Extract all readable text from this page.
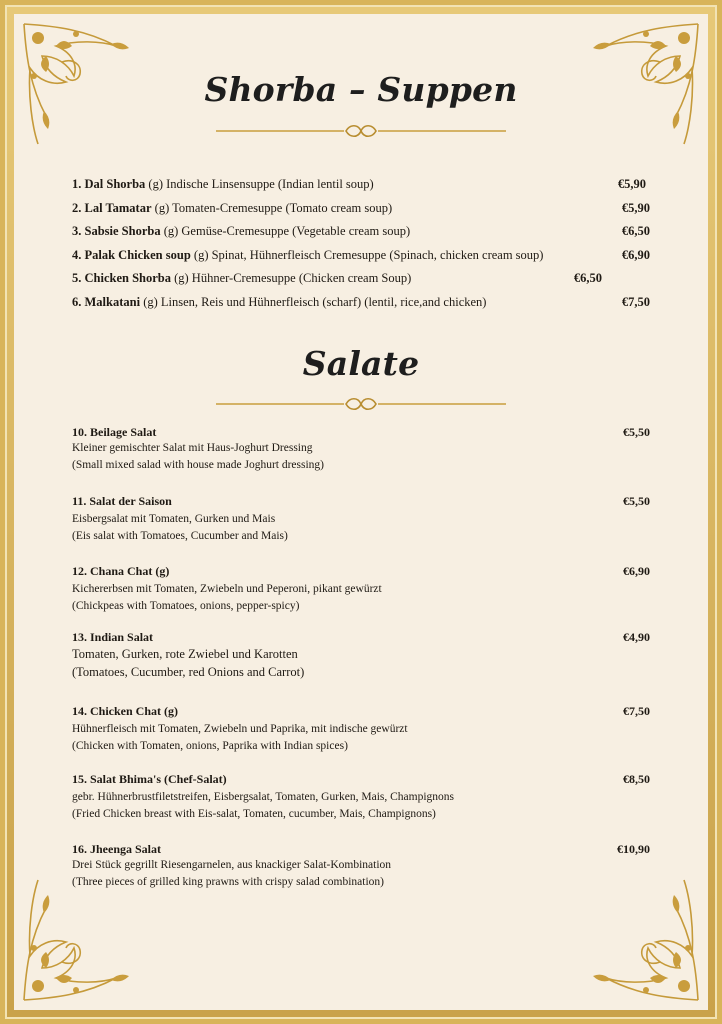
Shorba – Suppen
1. Dal Shorba (g) Indische Linsensuppe (Indian lentil soup)	€5,90
2. Lal Tamatar (g) Tomaten-Cremesuppe (Tomato cream soup)	€5,90
3. Sabsie Shorba (g) Gemüse-Cremesuppe (Vegetable cream soup)	€6,50
4. Palak Chicken soup (g) Spinat, Hühnerfleisch Cremesuppe (Spinach, chicken cream soup)	€6,90
5. Chicken Shorba (g) Hühner-Cremesuppe (Chicken cream Soup)	€6,50
6. Malkatani (g) Linsen, Reis und Hühnerfleisch (scharf) (lentil, rice,and chicken)	€7,50
Salate
10. Beilage Salat	€5,50
Kleiner gemischter Salat mit Haus-Joghurt Dressing
(Small mixed salad with house made Joghurt dressing)
11. Salat der Saison	€5,50
Eisbergsalat mit Tomaten, Gurken und Mais
(Eis salat with Tomatoes, Cucumber and Mais)
12. Chana Chat (g)	€6,90
Kichererbsen mit Tomaten, Zwiebeln und Peperoni, pikant gewürzt
(Chickpeas with Tomatoes, onions, pepper-spicy)
13. Indian Salat	€4,90
Tomaten, Gurken, rote Zwiebel und Karotten
(Tomatoes, Cucumber, red Onions and Carrot)
14. Chicken Chat (g)	€7,50
Hühnerfleisch mit Tomaten, Zwiebeln und Paprika, mit indische gewürzt
(Chicken with Tomaten, onions, Paprika with Indian spices)
15. Salat Bhima's (Chef-Salat)	€8,50
gebr. Hühnerbrustfiletstreifen, Eisbergsalat, Tomaten, Gurken, Mais, Champignons
(Fried Chicken breast with Eis-salat, Tomaten, cucumber, Mais, Champignons)
16. Jheenga Salat	€10,90
Drei Stück gegrillt Riesengarnelen, aus knackiger Salat-Kombination
(Three pieces of grilled king prawns with crispy salad combination)
